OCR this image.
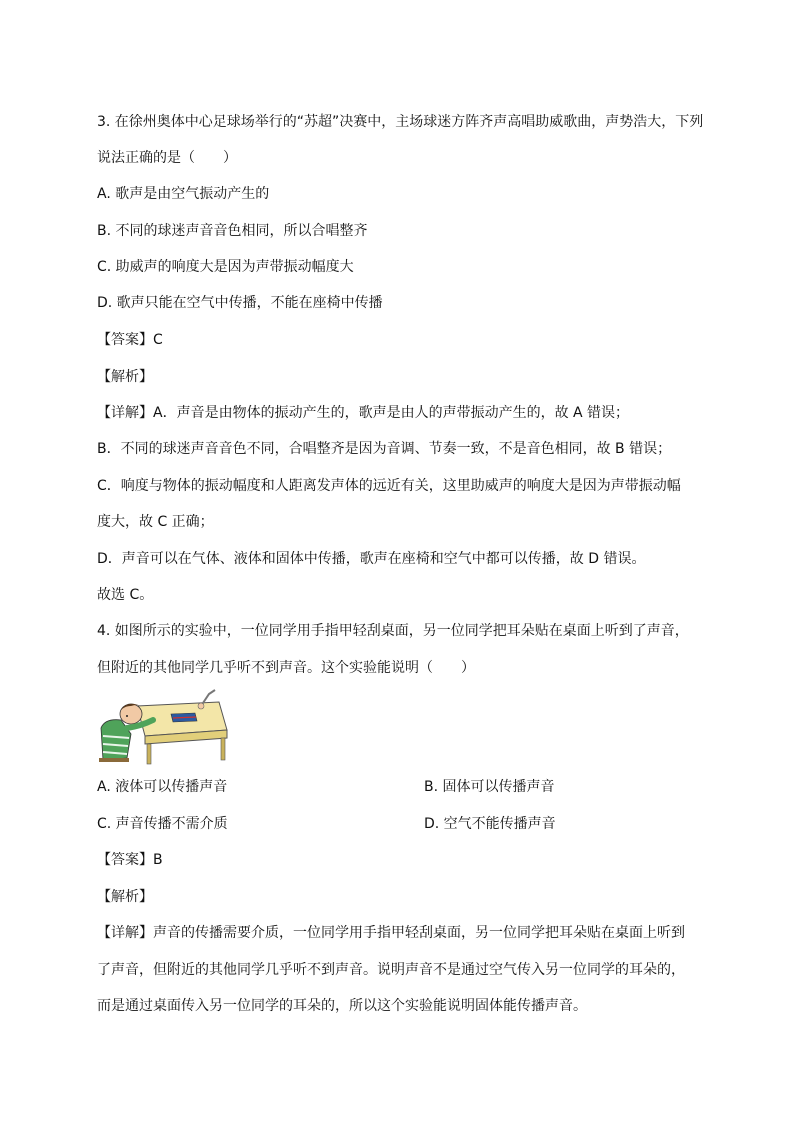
3. 在徐州奥体中心足球场举行的“苏超”决赛中，主场球迷方阵齐声高唱助威歌曲，声势浩大，下列
说法正确的是（　　）
A. 歌声是由空气振动产生的
B. 不同的球迷声音音色相同，所以合唱整齐
C. 助威声的响度大是因为声带振动幅度大
D. 歌声只能在空气中传播，不能在座椅中传播
【答案】C
【解析】
【详解】A．声音是由物体的振动产生的，歌声是由人的声带振动产生的，故 A 错误；
B．不同的球迷声音音色不同，合唱整齐是因为音调、节奏一致，不是音色相同，故 B 错误；
C．响度与物体的振动幅度和人距离发声体的远近有关，这里助威声的响度大是因为声带振动幅
度大，故 C 正确；
D．声音可以在气体、液体和固体中传播，歌声在座椅和空气中都可以传播，故 D 错误。
故选 C。
4. 如图所示的实验中，一位同学用手指甲轻刮桌面，另一位同学把耳朵贴在桌面上听到了声音，
但附近的其他同学几乎听不到声音。这个实验能说明（　　）
A. 液体可以传播声音	B. 固体可以传播声音
C. 声音传播不需介质	D. 空气不能传播声音
【答案】B
【解析】
【详解】声音的传播需要介质，一位同学用手指甲轻刮桌面，另一位同学把耳朵贴在桌面上听到
了声音，但附近的其他同学几乎听不到声音。说明声音不是通过空气传入另一位同学的耳朵的，
而是通过桌面传入另一位同学的耳朵的，所以这个实验能说明固体能传播声音。
